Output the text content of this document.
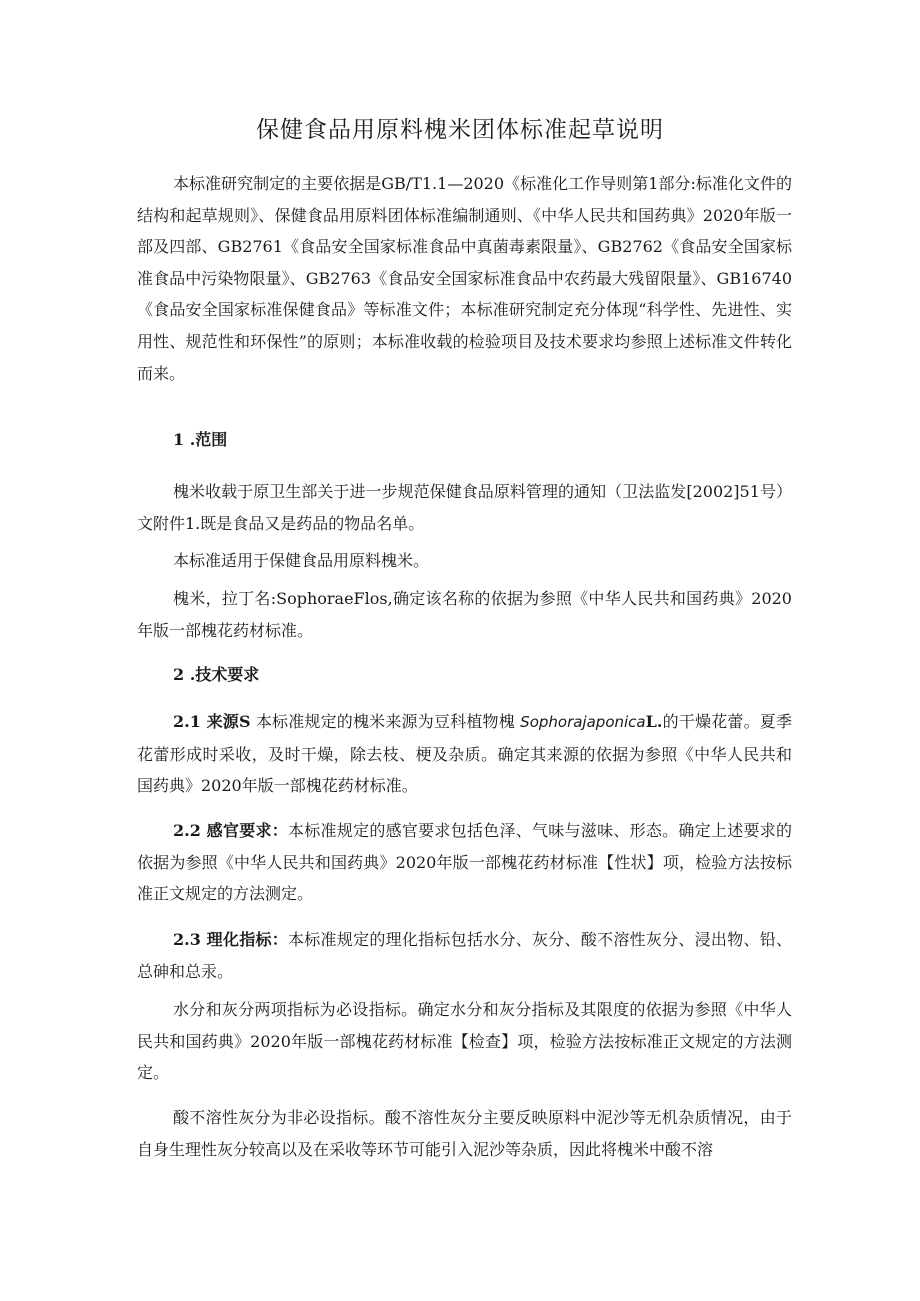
保健食品用原料槐米团体标准起草说明

本标准研究制定的主要依据是GB/T1.1—2020《标准化工作导则第1部分:标准化文件的结构和起草规则》、保健食品用原料团体标准编制通则、《中华人民共和国药典》2020年版一部及四部、GB2761《食品安全国家标准食品中真菌毒素限量》、GB2762《食品安全国家标准食品中污染物限量》、GB2763《食品安全国家标准食品中农药最大残留限量》、GB16740《食品安全国家标准保健食品》等标准文件；本标准研究制定充分体现“科学性、先进性、实用性、规范性和环保性”的原则；本标准收载的检验项目及技术要求均参照上述标准文件转化而来。

1 .范围

槐米收载于原卫生部关于进一步规范保健食品原料管理的通知（卫法监发[2002]51号）文附件1.既是食品又是药品的物品名单。

本标准适用于保健食品用原料槐米。

槐米，拉丁名:SophoraeFlos,确定该名称的依据为参照《中华人民共和国药典》2020年版一部槐花药材标准。

2 .技术要求

2.1 来源S 本标准规定的槐米来源为豆科植物槐 SophorajaponicaL.的干燥花蕾。夏季花蕾形成时采收，及时干燥，除去枝、梗及杂质。确定其来源的依据为参照《中华人民共和国药典》2020年版一部槐花药材标准。

2.2 感官要求：本标准规定的感官要求包括色泽、气味与滋味、形态。确定上述要求的依据为参照《中华人民共和国药典》2020年版一部槐花药材标准【性状】项，检验方法按标准正文规定的方法测定。

2.3 理化指标：本标准规定的理化指标包括水分、灰分、酸不溶性灰分、浸出物、铅、总砷和总汞。

水分和灰分两项指标为必设指标。确定水分和灰分指标及其限度的依据为参照《中华人民共和国药典》2020年版一部槐花药材标准【检查】项，检验方法按标准正文规定的方法测定。

酸不溶性灰分为非必设指标。酸不溶性灰分主要反映原料中泥沙等无机杂质情况，由于自身生理性灰分较高以及在采收等环节可能引入泥沙等杂质，因此将槐米中酸不溶
